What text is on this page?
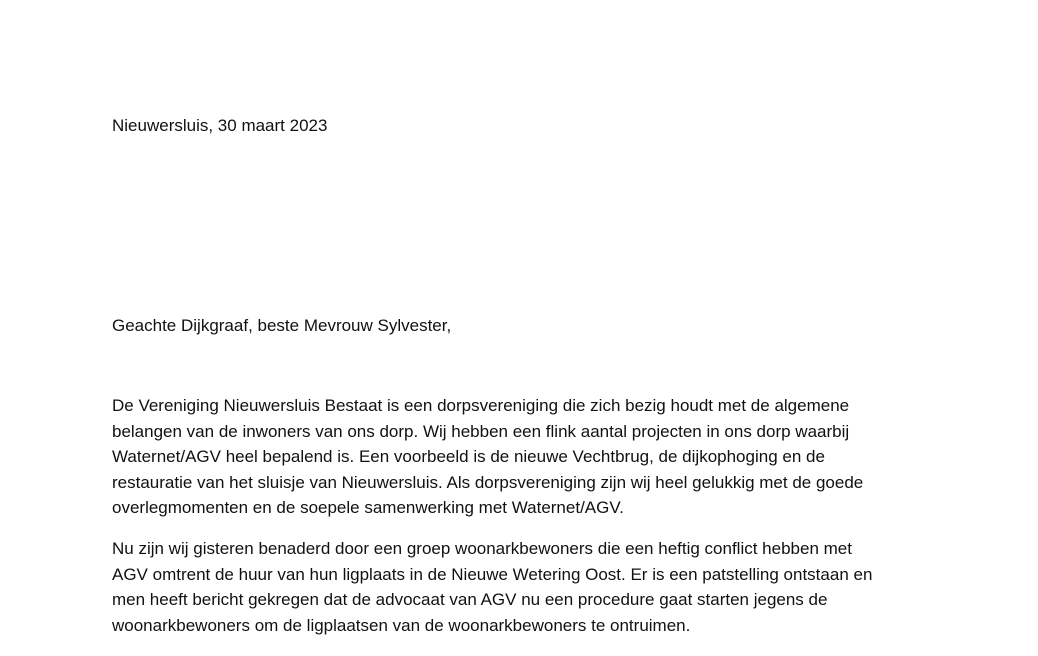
Nieuwersluis, 30 maart 2023

Geachte Dijkgraaf, beste Mevrouw Sylvester,

De Vereniging Nieuwersluis Bestaat is een dorpsvereniging die zich bezig houdt met de algemene
belangen van de inwoners van ons dorp. Wij hebben een flink aantal projecten in ons dorp waarbij
Waternet/AGV heel bepalend is. Een voorbeeld is de nieuwe Vechtbrug, de dijkophoging en de
restauratie van het sluisje van Nieuwersluis. Als dorpsvereniging zijn wij heel gelukkig met de goede
overlegmomenten en de soepele samenwerking met Waternet/AGV.

Nu zijn wij gisteren benaderd door een groep woonarkbewoners die een heftig conflict hebben met
AGV omtrent de huur van hun ligplaats in de Nieuwe Wetering Oost. Er is een patstelling ontstaan en
men heeft bericht gekregen dat de advocaat van AGV nu een procedure gaat starten jegens de
woonarkbewoners om de ligplaatsen van de woonarkbewoners te ontruimen.
